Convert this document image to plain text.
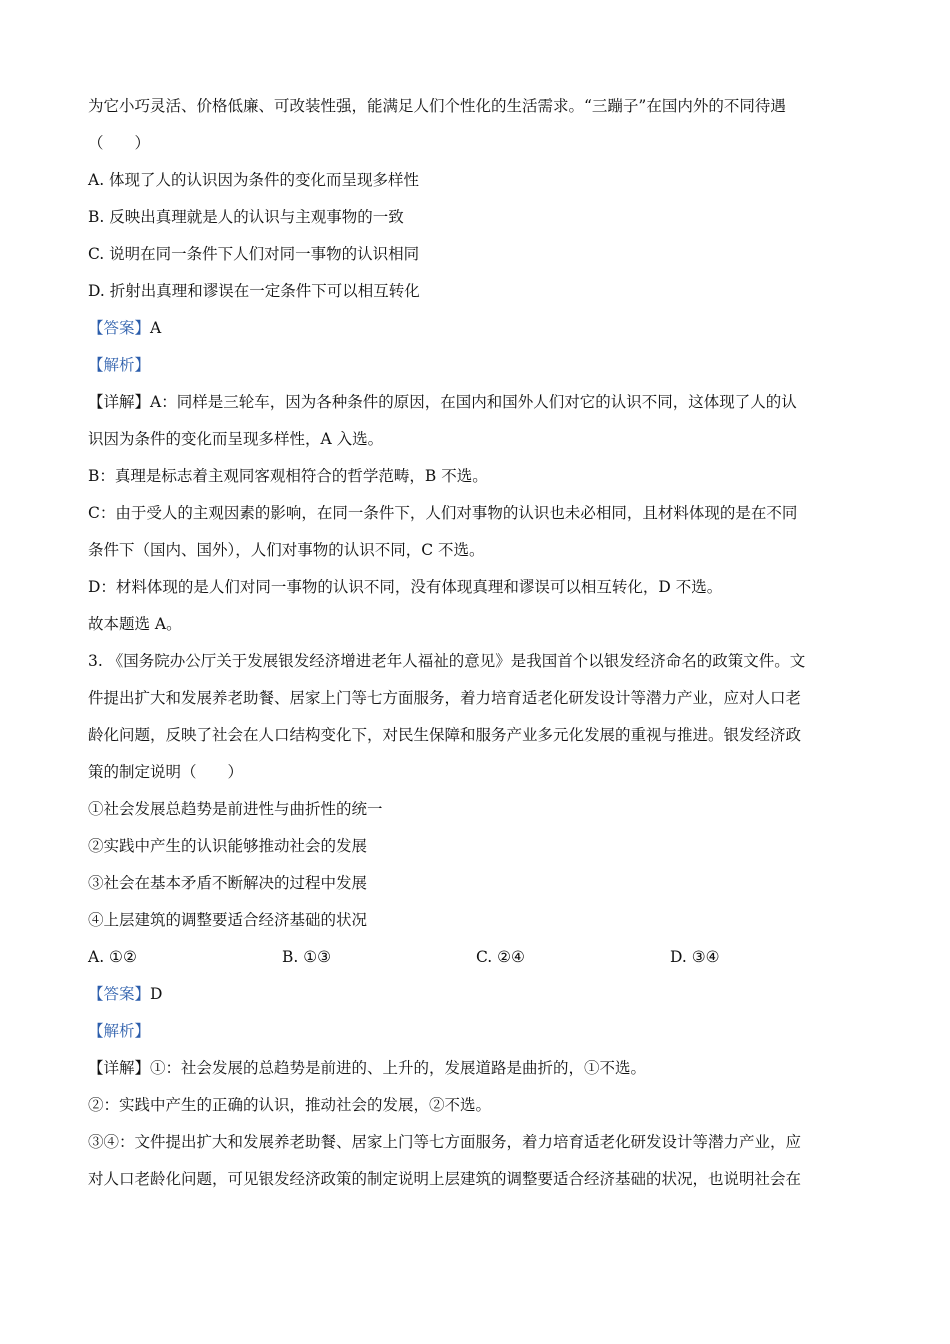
为它小巧灵活、价格低廉、可改装性强，能满足人们个性化的生活需求。“三蹦子”在国内外的不同待遇
（　　）
A. 体现了人的认识因为条件的变化而呈现多样性
B. 反映出真理就是人的认识与主观事物的一致
C. 说明在同一条件下人们对同一事物的认识相同
D. 折射出真理和谬误在一定条件下可以相互转化
【答案】A
【解析】
【详解】A：同样是三轮车，因为各种条件的原因，在国内和国外人们对它的认识不同，这体现了人的认
识因为条件的变化而呈现多样性，A 入选。
B：真理是标志着主观同客观相符合的哲学范畴，B 不选。
C：由于受人的主观因素的影响，在同一条件下，人们对事物的认识也未必相同，且材料体现的是在不同
条件下（国内、国外），人们对事物的认识不同，C 不选。
D：材料体现的是人们对同一事物的认识不同，没有体现真理和谬误可以相互转化，D 不选。
故本题选 A。
3. 《国务院办公厅关于发展银发经济增进老年人福祉的意见》是我国首个以银发经济命名的政策文件。文
件提出扩大和发展养老助餐、居家上门等七方面服务，着力培育适老化研发设计等潜力产业，应对人口老
龄化问题，反映了社会在人口结构变化下，对民生保障和服务产业多元化发展的重视与推进。银发经济政
策的制定说明（　　）
①社会发展总趋势是前进性与曲折性的统一
②实践中产生的认识能够推动社会的发展
③社会在基本矛盾不断解决的过程中发展
④上层建筑的调整要适合经济基础的状况
A. ①②	B. ①③	C. ②④	D. ③④
【答案】D
【解析】
【详解】①：社会发展的总趋势是前进的、上升的，发展道路是曲折的，①不选。
②：实践中产生的正确的认识，推动社会的发展，②不选。
③④：文件提出扩大和发展养老助餐、居家上门等七方面服务，着力培育适老化研发设计等潜力产业，应
对人口老龄化问题，可见银发经济政策的制定说明上层建筑的调整要适合经济基础的状况，也说明社会在
